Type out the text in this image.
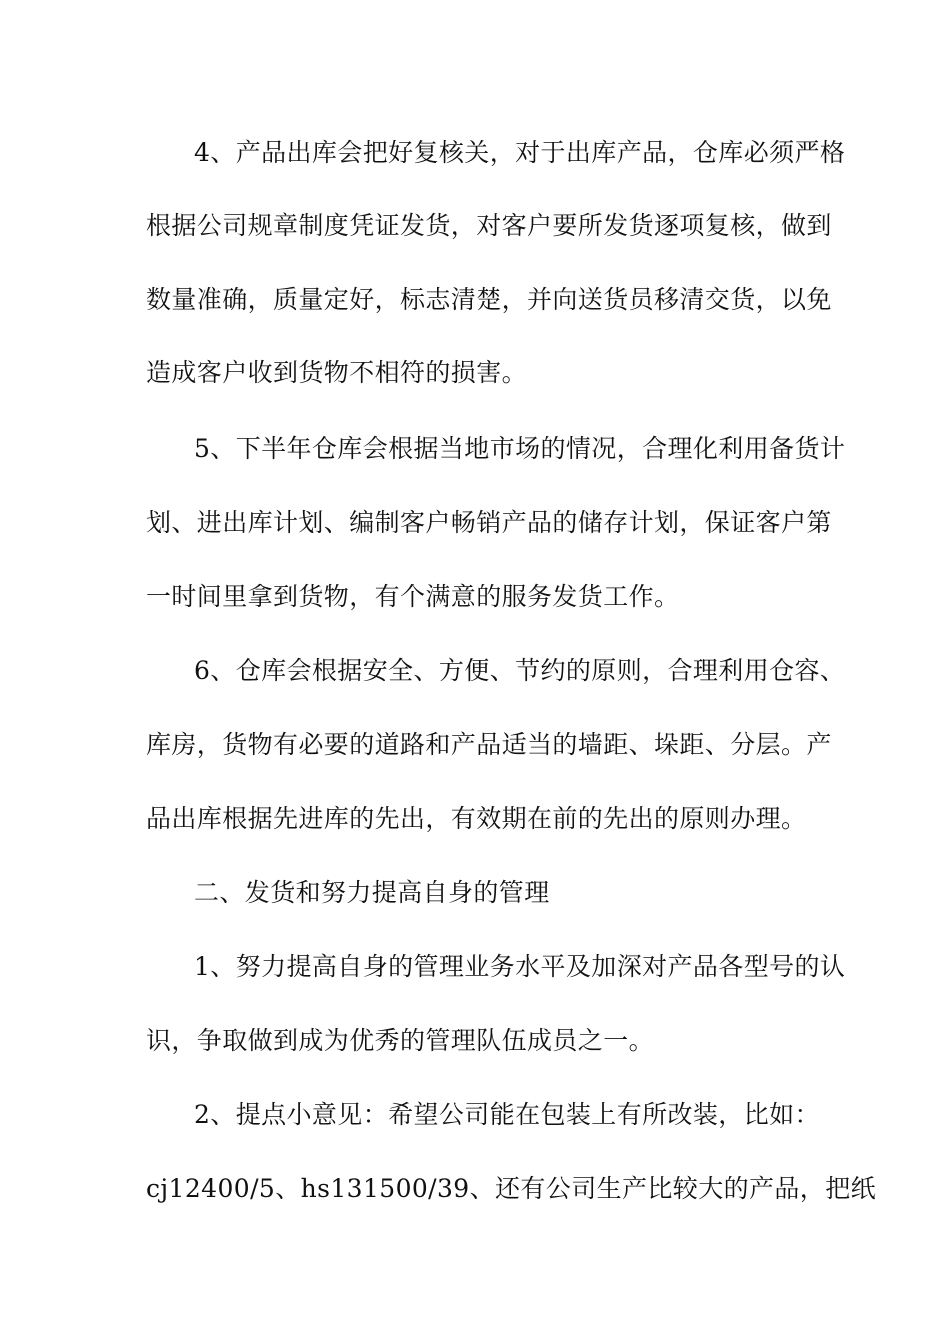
4、产品出库会把好复核关，对于出库产品，仓库必须严格
根据公司规章制度凭证发货，对客户要所发货逐项复核，做到
数量准确，质量定好，标志清楚，并向送货员移清交货，以免
造成客户收到货物不相符的损害。
5、下半年仓库会根据当地市场的情况，合理化利用备货计
划、进出库计划、编制客户畅销产品的储存计划，保证客户第
一时间里拿到货物，有个满意的服务发货工作。
6、仓库会根据安全、方便、节约的原则，合理利用仓容、
库房，货物有必要的道路和产品适当的墙距、垛距、分层。产
品出库根据先进库的先出，有效期在前的先出的原则办理。
二、发货和努力提高自身的管理
1、努力提高自身的管理业务水平及加深对产品各型号的认
识，争取做到成为优秀的管理队伍成员之一。
2、提点小意见：希望公司能在包装上有所改装，比如：
cj12400/5、hs131500/39、还有公司生产比较大的产品，把纸
